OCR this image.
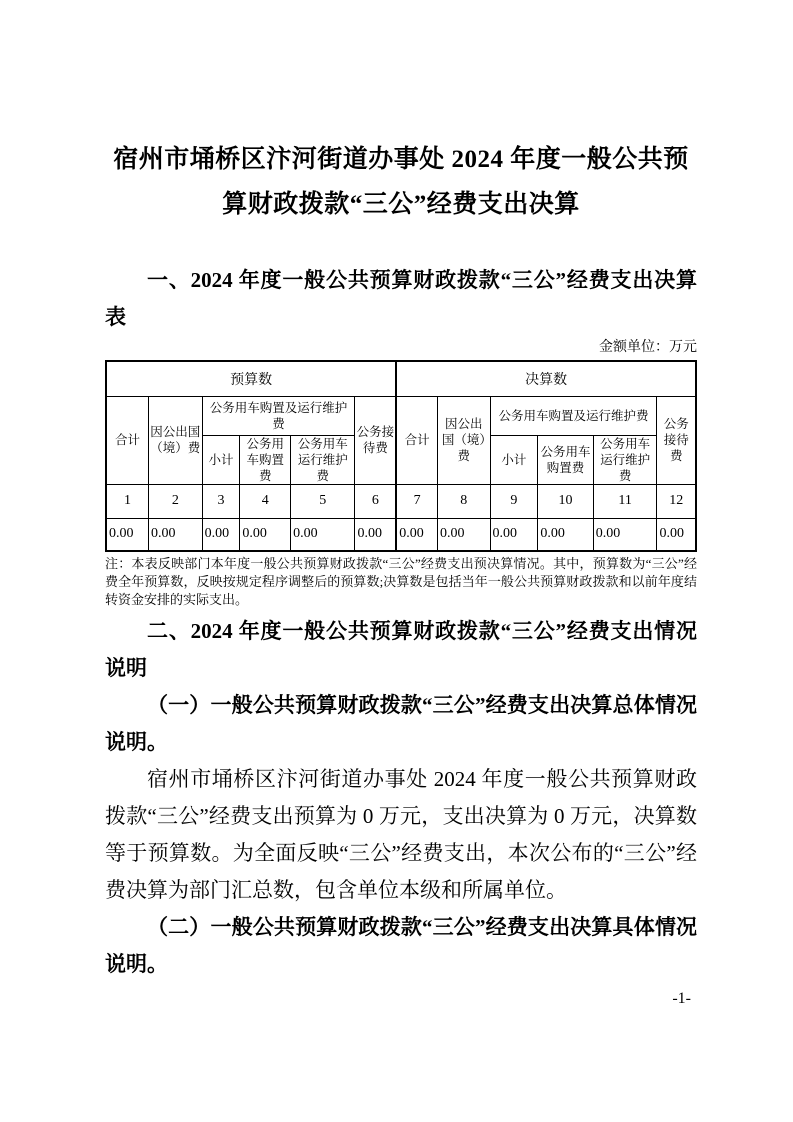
宿州市埇桥区汴河街道办事处 2024 年度一般公共预算财政拨款“三公”经费支出决算
一、2024 年度一般公共预算财政拨款“三公”经费支出决算表
金额单位：万元
预算数						决算数					
合计	因公出国（境）费	公务用车购置及运行维护费			公务接待费	合计	因公出国（境）费	公务用车购置及运行维护费			公务接待费
		小计	公务用车购置费	公务用车运行维护费				小计	公务用车购置费	公务用车运行维护费	
1	2	3	4	5	6	7	8	9	10	11	12
0.00	0.00	0.00	0.00	0.00	0.00	0.00	0.00	0.00	0.00	0.00	0.00
注：本表反映部门本年度一般公共预算财政拨款“三公”经费支出预决算情况。其中，预算数为“三公”经费全年预算数，反映按规定程序调整后的预算数;决算数是包括当年一般公共预算财政拨款和以前年度结转资金安排的实际支出。
二、2024 年度一般公共预算财政拨款“三公”经费支出情况说明
（一）一般公共预算财政拨款“三公”经费支出决算总体情况说明。
宿州市埇桥区汴河街道办事处 2024 年度一般公共预算财政拨款“三公”经费支出预算为 0 万元，支出决算为 0 万元，决算数等于预算数。为全面反映“三公”经费支出，本次公布的“三公”经费决算为部门汇总数，包含单位本级和所属单位。
（二）一般公共预算财政拨款“三公”经费支出决算具体情况说明。
-1-
